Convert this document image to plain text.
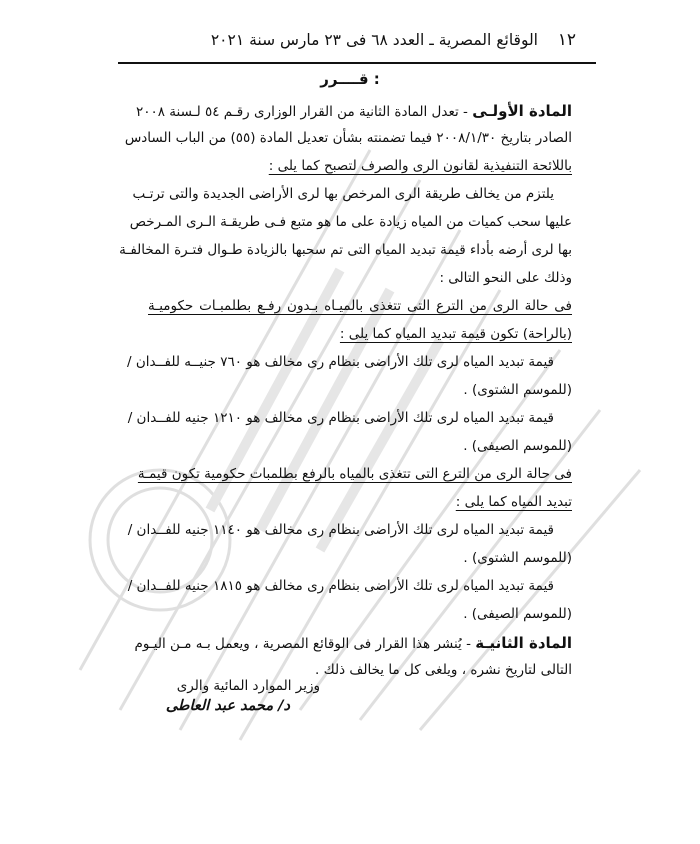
١٢
الوقائع المصرية ـ العدد ٦٨ فى ٢٣ مارس سنة ٢٠٢١
قــــرر :
المادة الأولـى - تعدل المادة الثانية من القرار الوزارى رقـم ٥٤ لـسنة ٢٠٠٨
الصادر بتاريخ ٢٠٠٨/١/٣٠ فيما تضمنته بشأن تعديل المادة (٥٥) من الباب السادس
باللائحة التنفيذية لقانون الرى والصرف لتصبح كما يلى :
يلتزم من يخالف طريقة الرى المرخص بها لرى الأراضى الجديدة والتى ترتـب
عليها سحب كميات من المياه زيادة على ما هو متبع فـى طريقـة الـرى المـرخص
بها لرى أرضه بأداء قيمة تبديد المياه التى تم سحبها بالزيادة طـوال فتـرة المخالفـة
وذلك على النحو التالى :
فى حالة الرى من الترع التى تتغذى بالميـاه بـدون رفـع بطلمبـات حكوميـة
(بالراحة) تكون قيمة تبديد المياه كما يلى :
قيمة تبديد المياه لرى تلك الأراضى بنظام رى مخالف هو ٧٦٠ جنيــه للفــدان /
(للموسم الشتوى) .
قيمة تبديد المياه لرى تلك الأراضى بنظام رى مخالف هو ١٢١٠ جنيه للفــدان /
(للموسم الصيفى) .
فى حالة الرى من الترع التى تتغذى بالمياه بالرفع بطلمبات حكومية تكون قيمـة
تبديد المياه كما يلى :
قيمة تبديد المياه لرى تلك الأراضى بنظام رى مخالف هو ١١٤٠ جنيه للفــدان /
(للموسم الشتوى) .
قيمة تبديد المياه لرى تلك الأراضى بنظام رى مخالف هو ١٨١٥ جنيه للفــدان /
(للموسم الصيفى) .
المادة الثانيـة - يُنشر هذا القرار فى الوقائع المصرية ، ويعمل بـه مـن اليـوم
التالى لتاريخ نشره ، ويلغى كل ما يخالف ذلك .
وزير الموارد المائية والرى
د/ محمد عبد العاطى
